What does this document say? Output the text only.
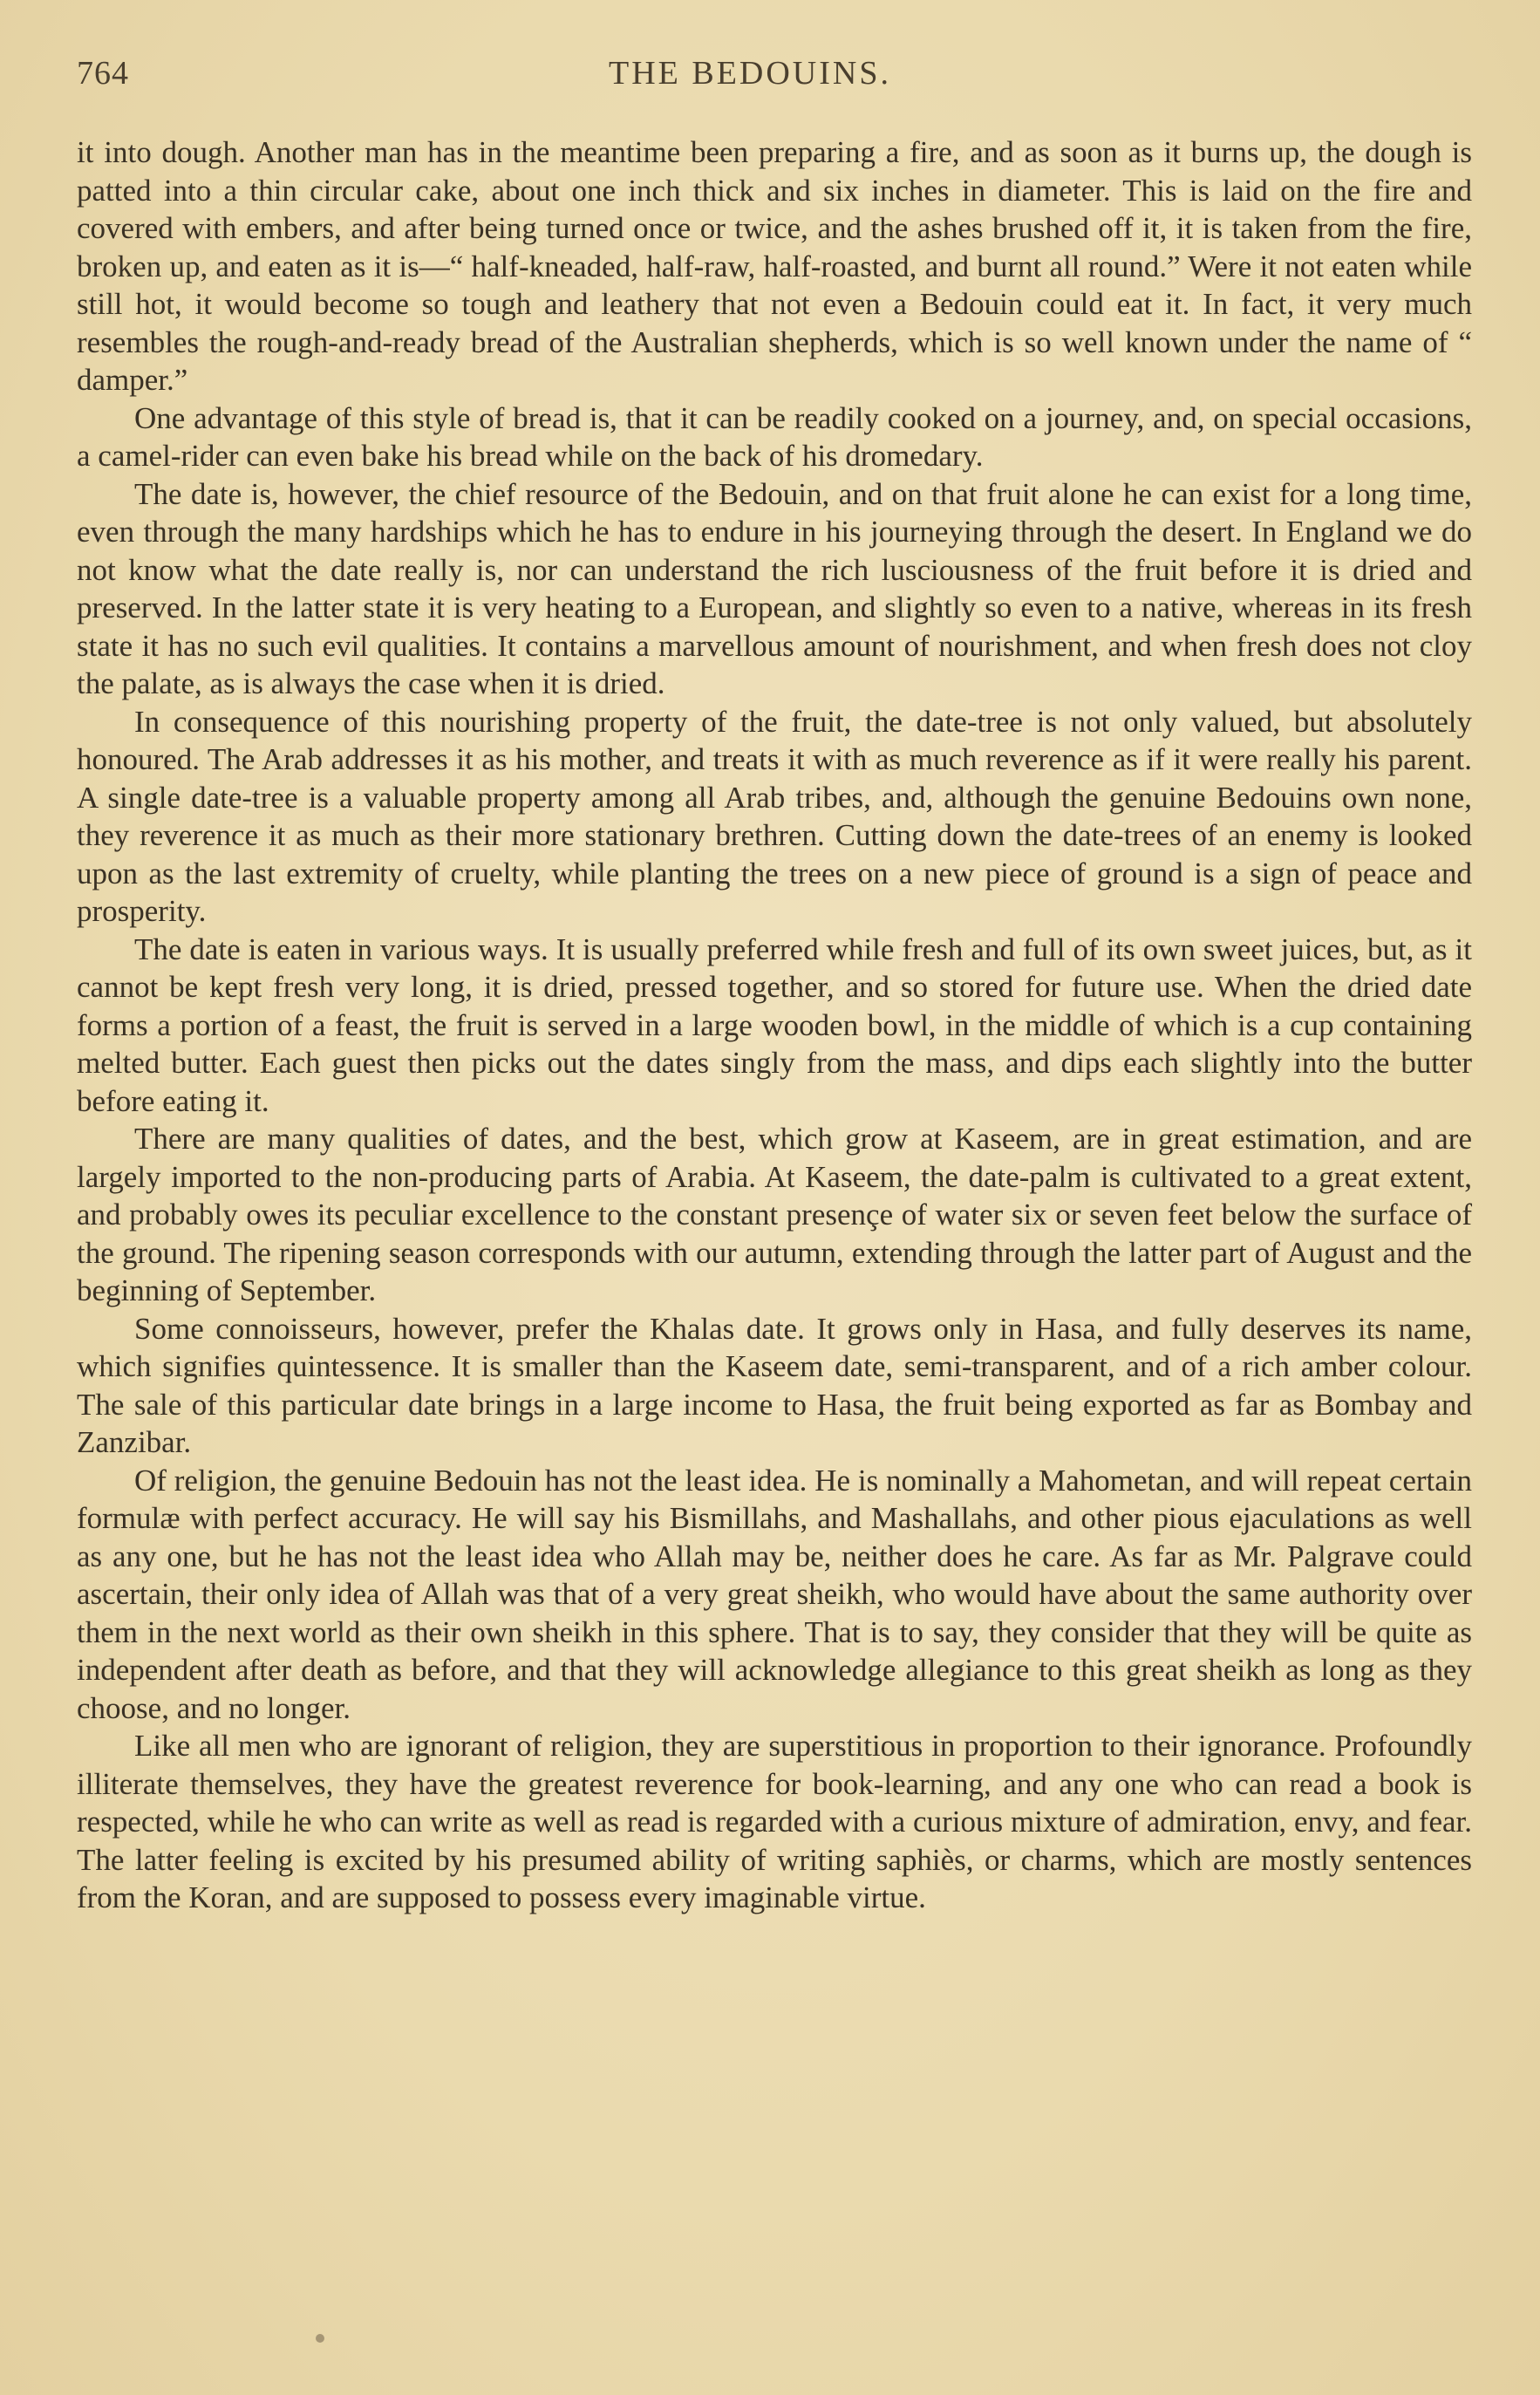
764	THE BEDOUINS.

it into dough. Another man has in the meantime been preparing a fire, and as soon as it burns up, the dough is patted into a thin circular cake, about one inch thick and six inches in diameter. This is laid on the fire and covered with embers, and after being turned once or twice, and the ashes brushed off it, it is taken from the fire, broken up, and eaten as it is—“ half-kneaded, half-raw, half-roasted, and burnt all round.” Were it not eaten while still hot, it would become so tough and leathery that not even a Bedouin could eat it. In fact, it very much resembles the rough-and-ready bread of the Australian shepherds, which is so well known under the name of “ damper.”

One advantage of this style of bread is, that it can be readily cooked on a journey, and, on special occasions, a camel-rider can even bake his bread while on the back of his dromedary.

The date is, however, the chief resource of the Bedouin, and on that fruit alone he can exist for a long time, even through the many hardships which he has to endure in his journeying through the desert. In England we do not know what the date really is, nor can understand the rich lusciousness of the fruit before it is dried and preserved. In the latter state it is very heating to a European, and slightly so even to a native, whereas in its fresh state it has no such evil qualities. It contains a marvellous amount of nourishment, and when fresh does not cloy the palate, as is always the case when it is dried.

In consequence of this nourishing property of the fruit, the date-tree is not only valued, but absolutely honoured. The Arab addresses it as his mother, and treats it with as much reverence as if it were really his parent. A single date-tree is a valuable property among all Arab tribes, and, although the genuine Bedouins own none, they reverence it as much as their more stationary brethren. Cutting down the date-trees of an enemy is looked upon as the last extremity of cruelty, while planting the trees on a new piece of ground is a sign of peace and prosperity.

The date is eaten in various ways. It is usually preferred while fresh and full of its own sweet juices, but, as it cannot be kept fresh very long, it is dried, pressed together, and so stored for future use. When the dried date forms a portion of a feast, the fruit is served in a large wooden bowl, in the middle of which is a cup containing melted butter. Each guest then picks out the dates singly from the mass, and dips each slightly into the butter before eating it.

There are many qualities of dates, and the best, which grow at Kaseem, are in great estimation, and are largely imported to the non-producing parts of Arabia. At Kaseem, the date-palm is cultivated to a great extent, and probably owes its peculiar excellence to the constant presençe of water six or seven feet below the surface of the ground. The ripening season corresponds with our autumn, extending through the latter part of August and the beginning of September.

Some connoisseurs, however, prefer the Khalas date. It grows only in Hasa, and fully deserves its name, which signifies quintessence. It is smaller than the Kaseem date, semi-transparent, and of a rich amber colour. The sale of this particular date brings in a large income to Hasa, the fruit being exported as far as Bombay and Zanzibar.

Of religion, the genuine Bedouin has not the least idea. He is nominally a Mahometan, and will repeat certain formulæ with perfect accuracy. He will say his Bismillahs, and Mashallahs, and other pious ejaculations as well as any one, but he has not the least idea who Allah may be, neither does he care. As far as Mr. Palgrave could ascertain, their only idea of Allah was that of a very great sheikh, who would have about the same authority over them in the next world as their own sheikh in this sphere. That is to say, they consider that they will be quite as independent after death as before, and that they will acknowledge allegiance to this great sheikh as long as they choose, and no longer.

Like all men who are ignorant of religion, they are superstitious in proportion to their ignorance. Profoundly illiterate themselves, they have the greatest reverence for book-learning, and any one who can read a book is respected, while he who can write as well as read is regarded with a curious mixture of admiration, envy, and fear. The latter feeling is excited by his presumed ability of writing saphiès, or charms, which are mostly sentences from the Koran, and are supposed to possess every imaginable virtue.
